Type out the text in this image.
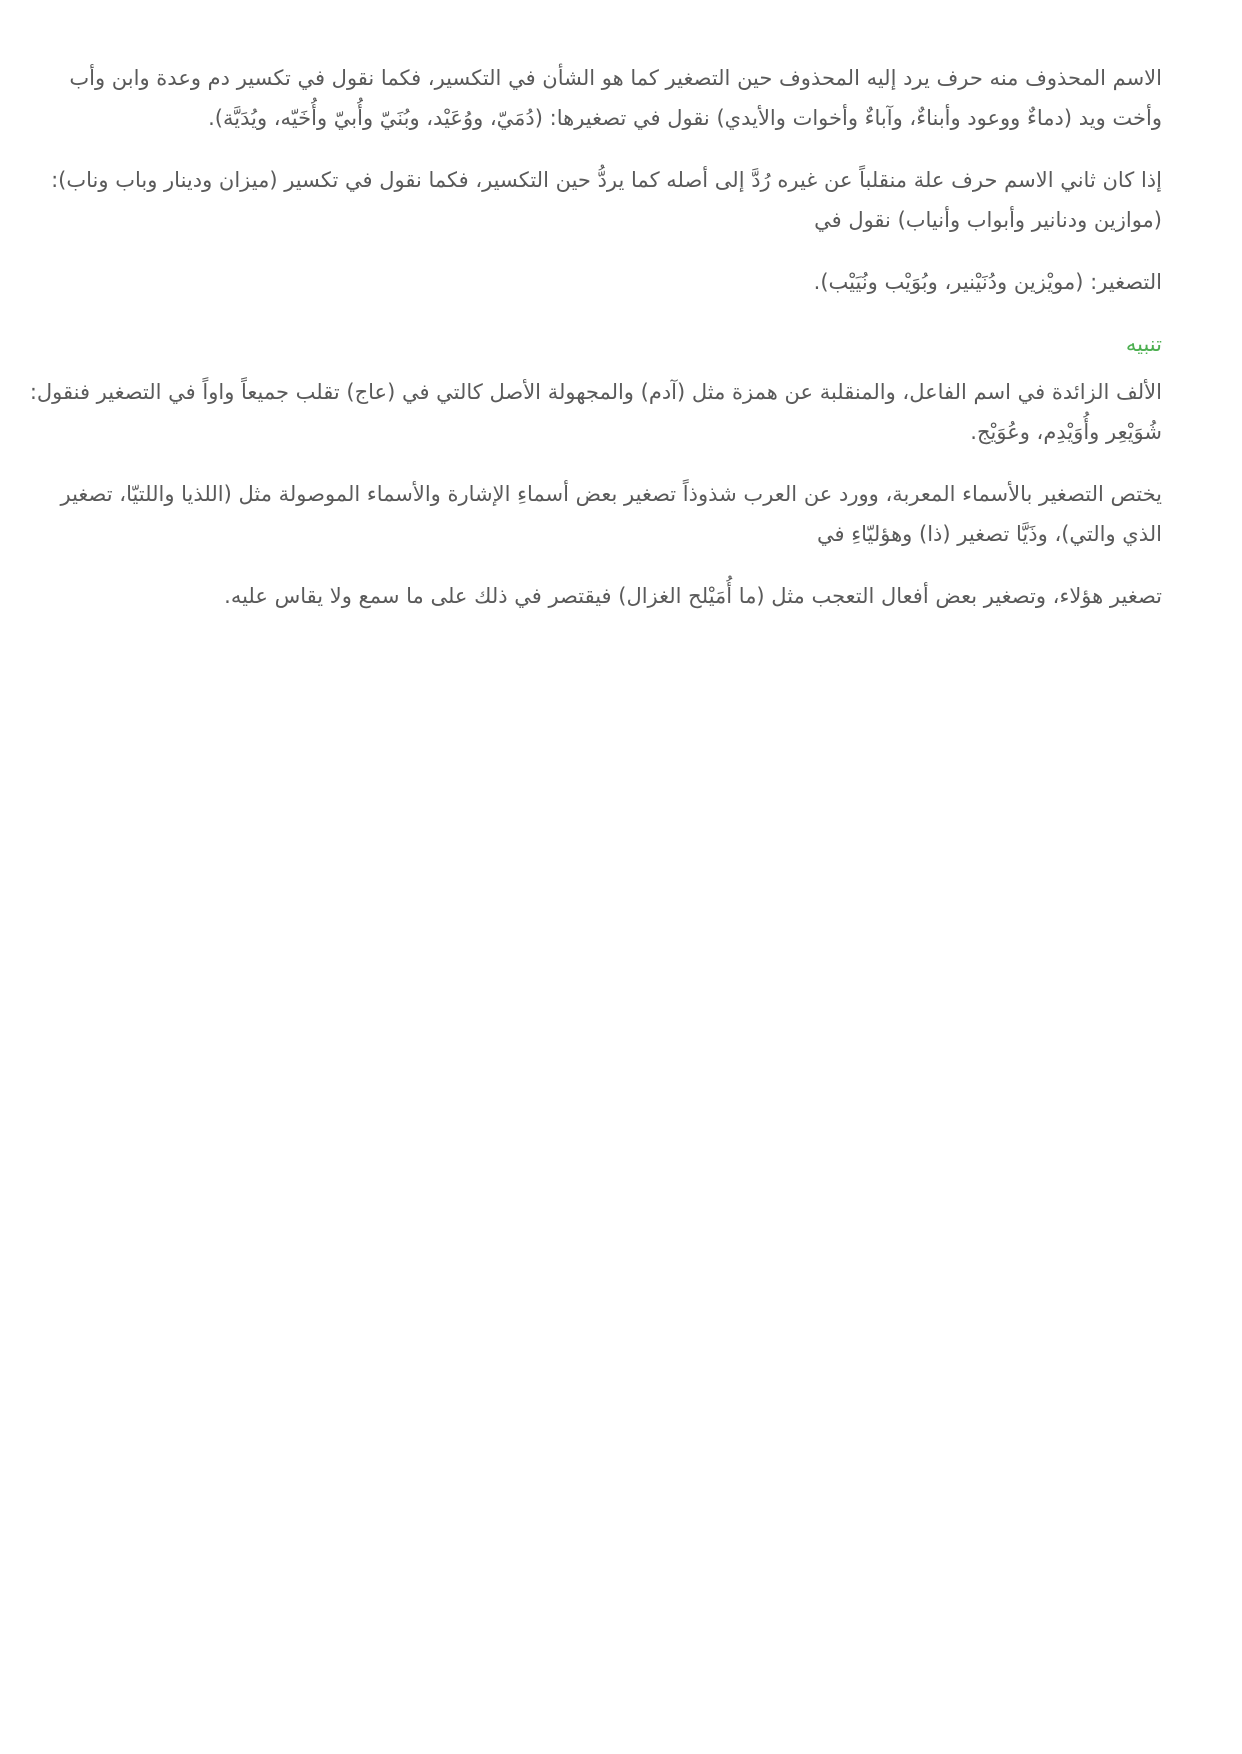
الاسم المحذوف منه حرف يرد إليه المحذوف حين التصغير كما هو الشأن في التكسير، فكما نقول في تكسير دم وعدة وابن وأب
وأخت ويد (دماءٌ ووعود وأبناءٌ، وآباءٌ وأخوات والأيدي) نقول في تصغيرها: (دُمَيّ، ووُعَيْد، وبُنَيّ وأُبيّ وأُخَيّه، ويُدَيَّة).

إذا كان ثاني الاسم حرف علة منقلباً عن غيره رُدَّ إلى أصله كما يردُّ حين التكسير، فكما نقول في تكسير (ميزان ودينار وباب وناب):
(موازين ودنانير وأبواب وأنياب) نقول في

التصغير: (مويْزين ودُنَيْنير، وبُوَيْب ونُيَيْب).

تنبيه

الألف الزائدة في اسم الفاعل، والمنقلبة عن همزة مثل (آدم) والمجهولة الأصل كالتي في (عاج) تقلب جميعاً واواً في التصغير فنقول:
شُوَيْعِر وأُوَيْدِم، وعُوَيْج.

يختص التصغير بالأسماء المعربة، وورد عن العرب شذوذاً تصغير بعض أسماءِ الإشارة والأسماء الموصولة مثل (اللذيا واللتيّا، تصغير
الذي والتي)، وذَيَّا تصغير (ذا) وهؤليّاءِ في

تصغير هؤلاء، وتصغير بعض أفعال التعجب مثل (ما أُمَيْلح الغزال) فيقتصر في ذلك على ما سمع ولا يقاس عليه.
